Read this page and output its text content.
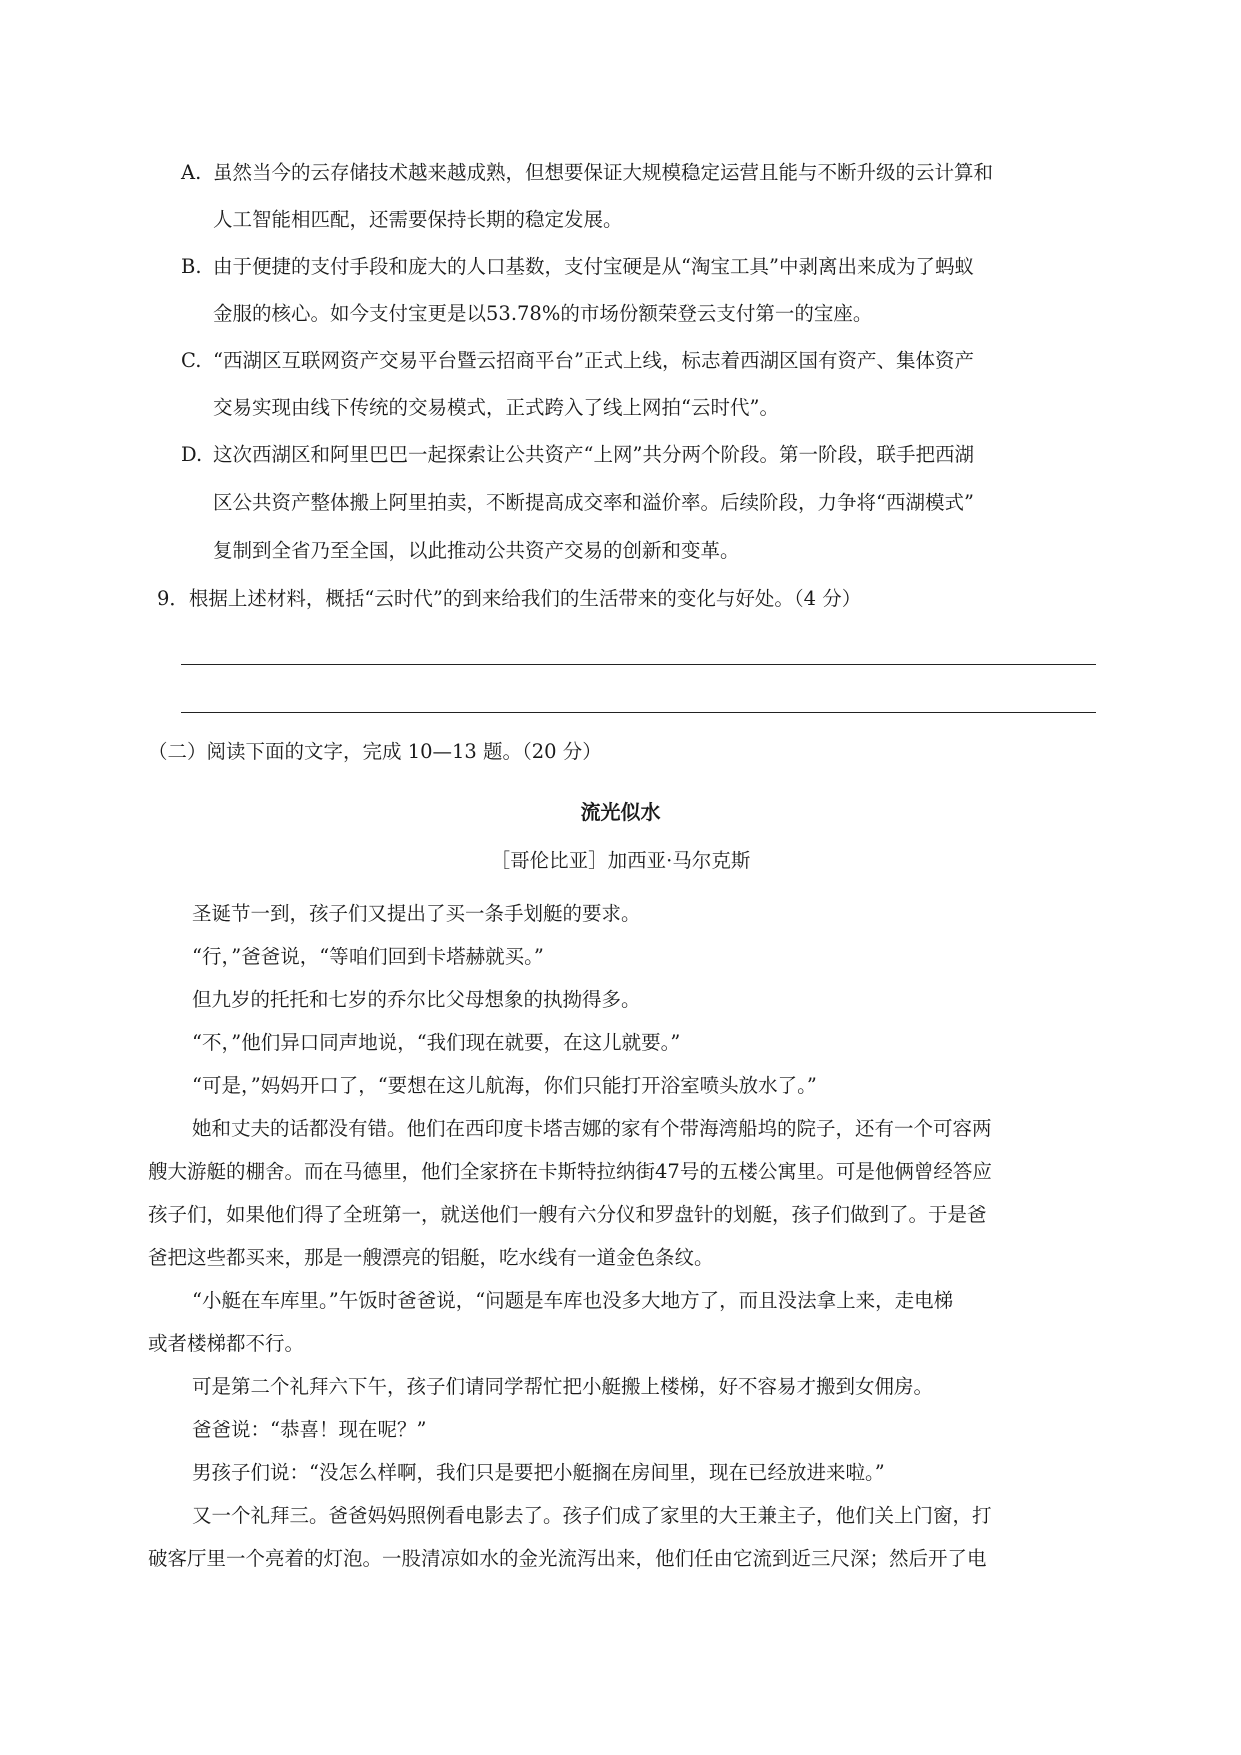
A. 虽然当今的云存储技术越来越成熟，但想要保证大规模稳定运营且能与不断升级的云计算和
人工智能相匹配，还需要保持长期的稳定发展。
B. 由于便捷的支付手段和庞大的人口基数，支付宝硬是从“淘宝工具”中剥离出来成为了蚂蚁
金服的核心。如今支付宝更是以53.78%的市场份额荣登云支付第一的宝座。
C. “西湖区互联网资产交易平台暨云招商平台”正式上线，标志着西湖区国有资产、集体资产
交易实现由线下传统的交易模式，正式跨入了线上网拍“云时代”。
D. 这次西湖区和阿里巴巴一起探索让公共资产“上网”共分两个阶段。第一阶段，联手把西湖
区公共资产整体搬上阿里拍卖，不断提高成交率和溢价率。后续阶段，力争将“西湖模式”
复制到全省乃至全国，以此推动公共资产交易的创新和变革。
9．根据上述材料，概括“云时代”的到来给我们的生活带来的变化与好处。（4 分）
（二）阅读下面的文字，完成 10—13 题。（20 分）
流光似水
［哥伦比亚］加西亚·马尔克斯
圣诞节一到，孩子们又提出了买一条手划艇的要求。
“行，”爸爸说，“等咱们回到卡塔赫就买。”
但九岁的托托和七岁的乔尔比父母想象的执拗得多。
“不，”他们异口同声地说，“我们现在就要，在这儿就要。”
“可是，”妈妈开口了，“要想在这儿航海，你们只能打开浴室喷头放水了。”
她和丈夫的话都没有错。他们在西印度卡塔吉娜的家有个带海湾船坞的院子，还有一个可容两
艘大游艇的棚舍。而在马德里，他们全家挤在卡斯特拉纳街47号的五楼公寓里。可是他俩曾经答应
孩子们，如果他们得了全班第一，就送他们一艘有六分仪和罗盘针的划艇，孩子们做到了。于是爸
爸把这些都买来，那是一艘漂亮的铝艇，吃水线有一道金色条纹。
“小艇在车库里。”午饭时爸爸说，“问题是车库也没多大地方了，而且没法拿上来，走电梯
或者楼梯都不行。
可是第二个礼拜六下午，孩子们请同学帮忙把小艇搬上楼梯，好不容易才搬到女佣房。
爸爸说：“恭喜！现在呢？”
男孩子们说：“没怎么样啊，我们只是要把小艇搁在房间里，现在已经放进来啦。”
又一个礼拜三。爸爸妈妈照例看电影去了。孩子们成了家里的大王兼主子，他们关上门窗，打
破客厅里一个亮着的灯泡。一股清凉如水的金光流泻出来，他们任由它流到近三尺深；然后开了电
